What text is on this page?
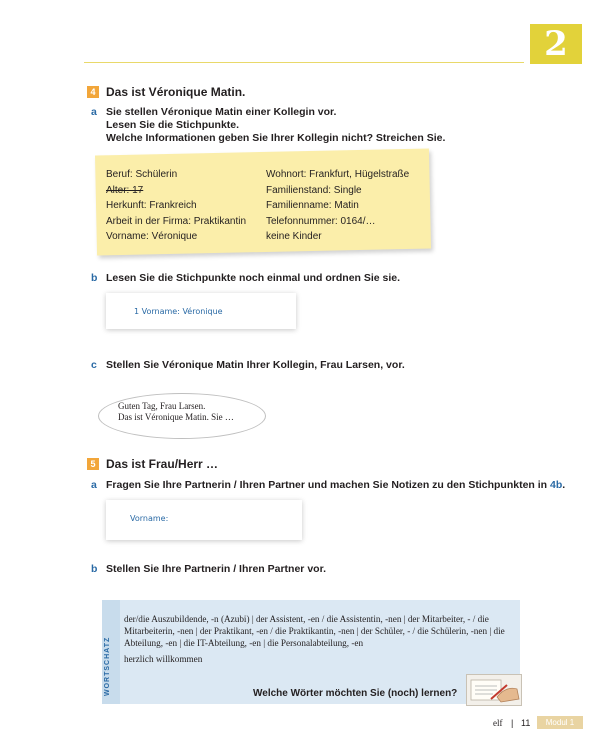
2
4 Das ist Véronique Matin.
a Sie stellen Véronique Matin einer Kollegin vor.
Lesen Sie die Stichpunkte.
Welche Informationen geben Sie Ihrer Kollegin nicht? Streichen Sie.
Beruf: Schülerin
Alter: 17
Herkunft: Frankreich
Arbeit in der Firma: Praktikantin
Vorname: Véronique
Wohnort: Frankfurt, Hügelstraße
Familienstand: Single
Familienname: Matin
Telefonnummer: 0164/…
keine Kinder
b Lesen Sie die Stichpunkte noch einmal und ordnen Sie sie.
1 Vorname: Véronique
c Stellen Sie Véronique Matin Ihrer Kollegin, Frau Larsen, vor.
Guten Tag, Frau Larsen.
Das ist Véronique Matin. Sie …
5 Das ist Frau/Herr …
a Fragen Sie Ihre Partnerin / Ihren Partner und machen Sie Notizen zu den Stichpunkten in 4b.
Vorname:
b Stellen Sie Ihre Partnerin / Ihren Partner vor.
WORTSCHATZ
der/die Auszubildende, -n (Azubi) | der Assistent, -en / die Assistentin, -nen | der Mitarbeiter, - / die Mitarbeiterin, -nen | der Praktikant, -en / die Praktikantin, -nen | der Schüler, - / die Schülerin, -nen | die Abteilung, -en | die IT-Abteilung, -en | die Personalabteilung, -en
herzlich willkommen
Welche Wörter möchten Sie (noch) lernen?
elf | 11	Modul 1
